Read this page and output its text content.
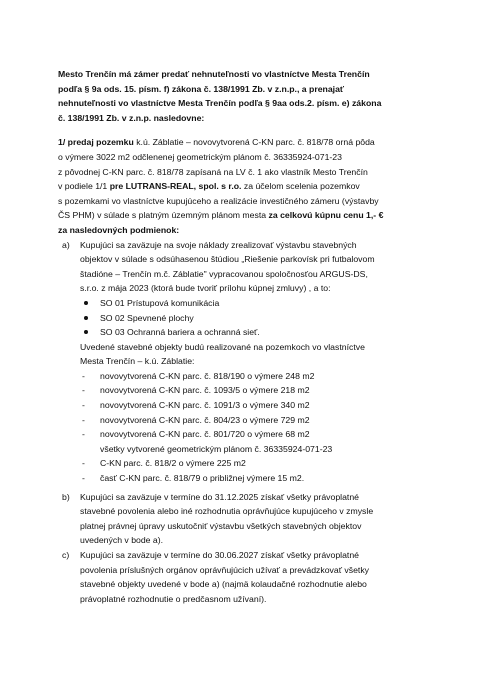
Mesto Trenčín má zámer predať nehnuteľnosti vo vlastníctve Mesta Trenčín
podľa § 9a ods. 15. písm. f) zákona č. 138/1991 Zb. v z.n.p., a prenajať
nehnuteľnosti vo vlastníctve Mesta Trenčín podľa § 9aa ods.2. písm. e) zákona
č. 138/1991 Zb. v z.n.p. nasledovne:
1/ predaj pozemku k.ú. Záblatie – novovytvorená C-KN parc. č. 818/78 orná pôda
o výmere 3022 m2 odčlenenej geometrickým plánom č. 36335924-071-23
z pôvodnej C-KN parc. č. 818/78 zapísaná na LV č. 1 ako vlastník Mesto Trenčín
v podiele 1/1 pre LUTRANS-REAL, spol. s r.o. za účelom scelenia pozemkov
s pozemkami vo vlastníctve kupujúceho a realizácie investičného zámeru (výstavby
ČS PHM) v súlade s platným územným plánom mesta za celkovú kúpnu cenu 1,- €
za nasledovných podmienok:
a) Kupujúci sa zaväzuje na svoje náklady zrealizovať výstavbu stavebných
objektov v súlade s odsúhasenou štúdiou „Riešenie parkovísk pri futbalovom
štadióne – Trenčín m.č. Záblatie" vypracovanou spoločnosťou ARGUS-DS,
s.r.o. z mája 2023 (ktorá bude tvoriť prílohu kúpnej zmluvy) , a to:
SO 01 Prístupová komunikácia
SO 02 Spevnené plochy
SO 03 Ochranná bariera a ochranná sieť.
Uvedené stavebné objekty budú realizované na pozemkoch vo vlastníctve
Mesta Trenčín – k.ú. Záblatie:
- novovytvorená C-KN parc. č. 818/190 o výmere 248 m2
- novovytvorená C-KN parc. č. 1093/5 o výmere 218 m2
- novovytvorená C-KN parc. č. 1091/3 o výmere 340 m2
- novovytvorená C-KN parc. č. 804/23 o výmere 729 m2
- novovytvorená C-KN parc. č. 801/720 o výmere 68 m2
všetky vytvorené geometrickým plánom č. 36335924-071-23
- C-KN parc. č. 818/2 o výmere 225 m2
- časť C-KN parc. č. 818/79 o približnej výmere 15 m2.
b) Kupujúci sa zaväzuje v termíne do 31.12.2025 získať všetky právoplatné
stavebné povolenia alebo iné rozhodnutia oprávňujúce kupujúceho v zmysle
platnej právnej úpravy uskutočniť výstavbu všetkých stavebných objektov
uvedených v bode a).
c) Kupujúci sa zaväzuje v termíne do 30.06.2027 získať všetky právoplatné
povolenia príslušných orgánov oprávňujúcich užívať a prevádzkovať všetky
stavebné objekty uvedené v bode a) (najmä kolaudačné rozhodnutie alebo
právoplatné rozhodnutie o predčasnom užívaní).
